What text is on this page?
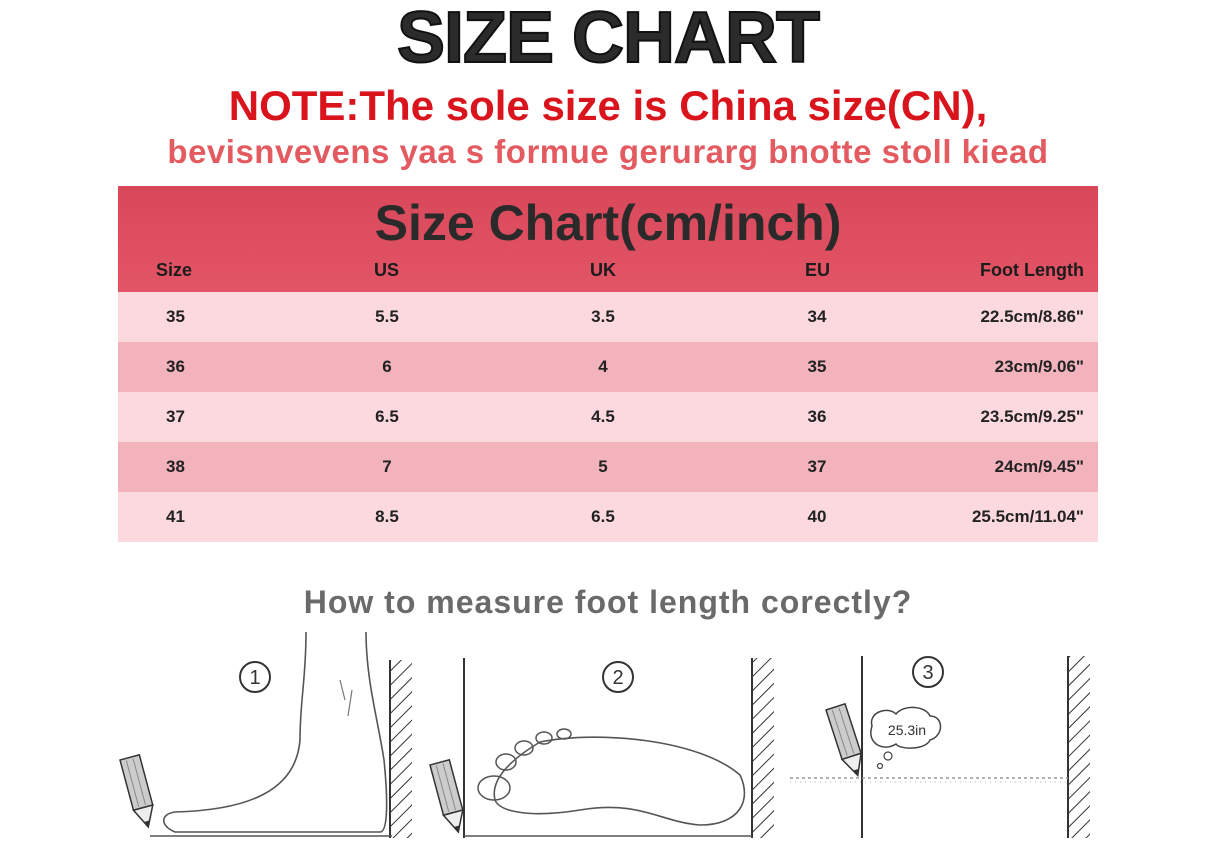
SIZE CHART
NOTE:The sole size is China size(CN),
bevisnvevens yaa s formue gerurarg bnotte stoll kiead
Size Chart(cm/inch)
Size	US	UK	EU	Foot Length
35	5.5	3.5	34	22.5cm/8.86"
36	6	4	35	23cm/9.06"
37	6.5	4.5	36	23.5cm/9.25"
38	7	5	37	24cm/9.45"
41	8.5	6.5	40	25.5cm/11.04"
How to measure foot length corectly?
1	2	3
25.3in
